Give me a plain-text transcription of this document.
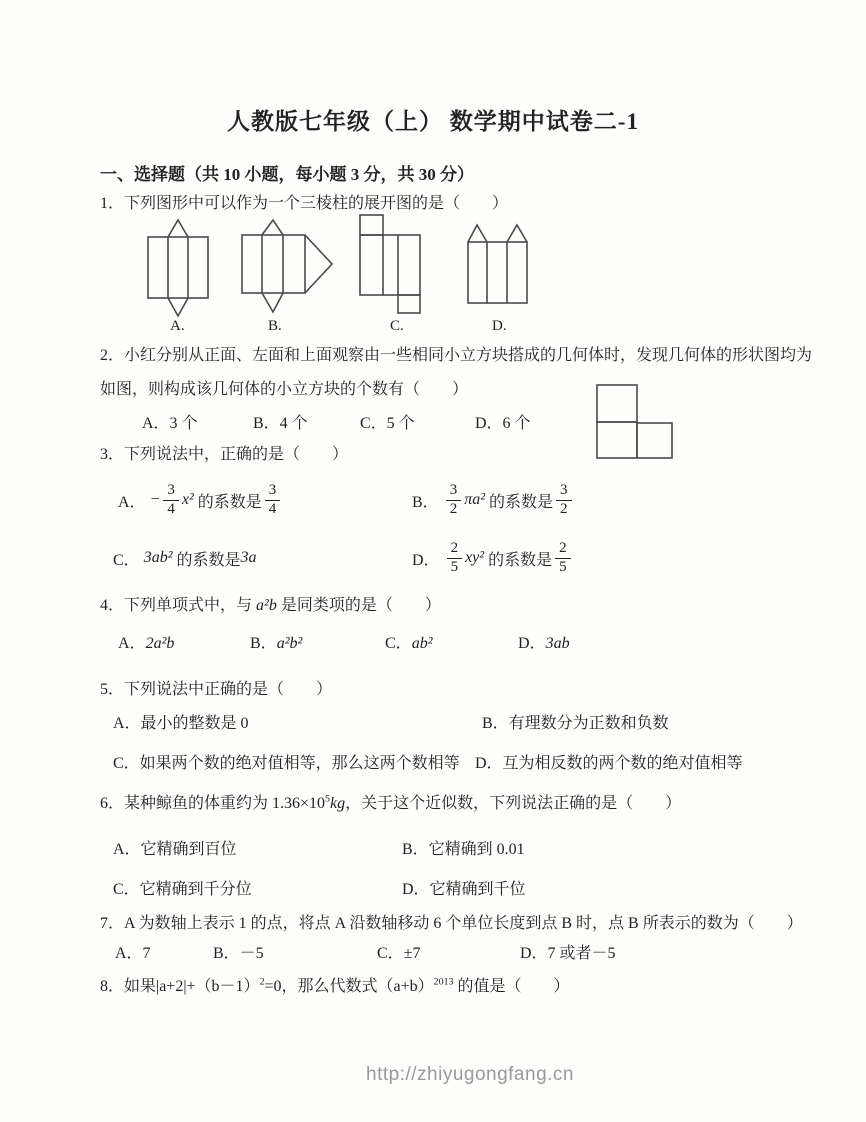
人教版七年级（上） 数学期中试卷二-1
一、选择题（共 10 小题，每小题 3 分，共 30 分）
1．下列图形中可以作为一个三棱柱的展开图的是（　　）
A.	B.	C.	D.
2．小红分别从正面、左面和上面观察由一些相同小立方块搭成的几何体时，发现几何体的形状图均为
如图，则构成该几何体的小立方块的个数有（　　）
A．3 个	B．4 个	C．5 个	D．6 个
3．下列说法中，正确的是（　　）
A． − $\frac{3}{4} x^2$ 的系数是 $\frac{3}{4}$	B． $\frac{3}{2} \pi a^2$ 的系数是 $\frac{3}{2}$
C． 3ab² 的系数是 3a	D． $\frac{2}{5} xy^2$ 的系数是 $\frac{2}{5}$
4．下列单项式中，与 a²b 是同类项的是（　　）
A．2a²b	B．a²b²	C．ab²	D．3ab
5．下列说法中正确的是（　　）
A．最小的整数是 0	B．有理数分为正数和负数
C．如果两个数的绝对值相等，那么这两个数相等 D．互为相反数的两个数的绝对值相等
6．某种鲸鱼的体重约为 $1.36\times 10^5kg$，关于这个近似数，下列说法正确的是（　　）
A．它精确到百位	B．它精确到 0.01
C．它精确到千分位	D．它精确到千位
7．A 为数轴上表示 1 的点，将点 A 沿数轴移动 6 个单位长度到点 B 时，点 B 所表示的数为（　　）
A．7	B．－5	C．±7	D．7 或者－5
8．如果$|a+2|+(b-1)^2=0$，那么代数式$(a+b)^{2013}$ 的值是（　　）
http://zhiyugongfang.cn
